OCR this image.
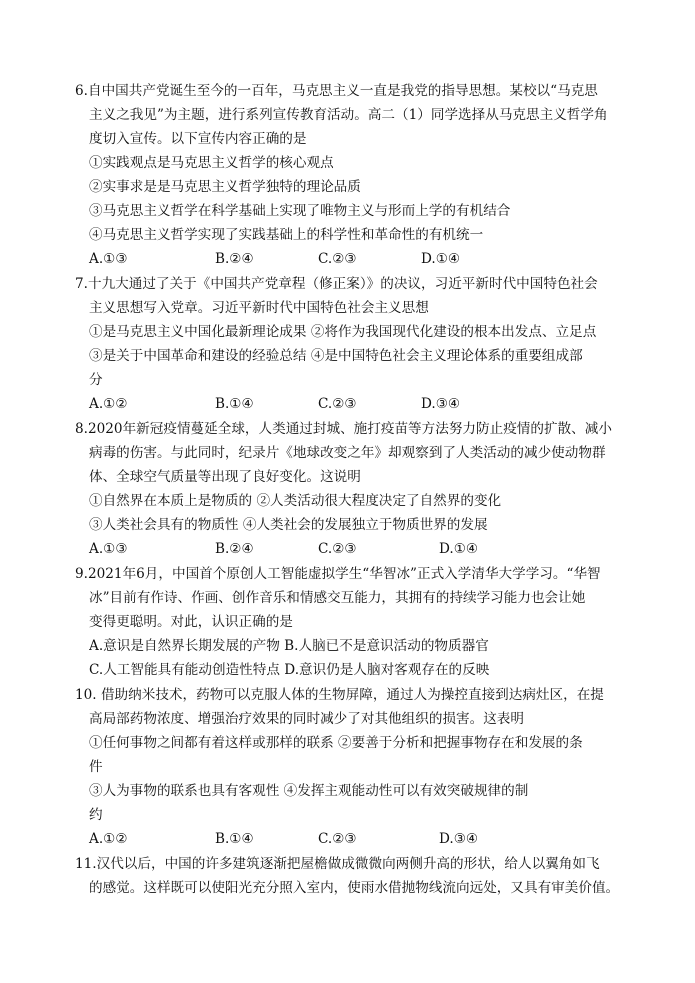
6.自中国共产党诞生至今的一百年，马克思主义一直是我党的指导思想。某校以“马克思
主义之我见”为主题，进行系列宣传教育活动。高二（1）同学选择从马克思主义哲学角
度切入宣传。以下宣传内容正确的是
①实践观点是马克思主义哲学的核心观点
②实事求是是马克思主义哲学独特的理论品质
③马克思主义哲学在科学基础上实现了唯物主义与形而上学的有机结合
④马克思主义哲学实现了实践基础上的科学性和革命性的有机统一
A.①③	B.②④	C.②③	D.①④
7.十九大通过了关于《中国共产党章程（修正案）》的决议，习近平新时代中国特色社会
主义思想写入党章。习近平新时代中国特色社会主义思想
①是马克思主义中国化最新理论成果 ②将作为我国现代化建设的根本出发点、立足点
③是关于中国革命和建设的经验总结 ④是中国特色社会主义理论体系的重要组成部
分
A.①②	B.①④	C.②③	D.③④
8.2020年新冠疫情蔓延全球，人类通过封城、施打疫苗等方法努力防止疫情的扩散、减小
病毒的伤害。与此同时，纪录片《地球改变之年》却观察到了人类活动的减少使动物群
体、全球空气质量等出现了良好变化。这说明
①自然界在本质上是物质的 ②人类活动很大程度决定了自然界的变化
③人类社会具有的物质性 ④人类社会的发展独立于物质世界的发展
A.①③	B.②④	C.②③	D.①④
9.2021年6月，中国首个原创人工智能虚拟学生“华智冰”正式入学清华大学学习。“华智
冰”目前有作诗、作画、创作音乐和情感交互能力，其拥有的持续学习能力也会让她
变得更聪明。对此，认识正确的是
A.意识是自然界长期发展的产物 B.人脑已不是意识活动的物质器官
C.人工智能具有能动创造性特点 D.意识仍是人脑对客观存在的反映
10. 借助纳米技术，药物可以克服人体的生物屏障，通过人为操控直接到达病灶区，在提
高局部药物浓度、增强治疗效果的同时减少了对其他组织的损害。这表明
①任何事物之间都有着这样或那样的联系 ②要善于分析和把握事物存在和发展的条
件
③人为事物的联系也具有客观性 ④发挥主观能动性可以有效突破规律的制
约
A.①②	B.①④	C.②③	D.③④
11.汉代以后，中国的许多建筑逐渐把屋檐做成微微向两侧升高的形状，给人以翼角如飞
的感觉。这样既可以使阳光充分照入室内，使雨水借抛物线流向远处，又具有审美价值。
